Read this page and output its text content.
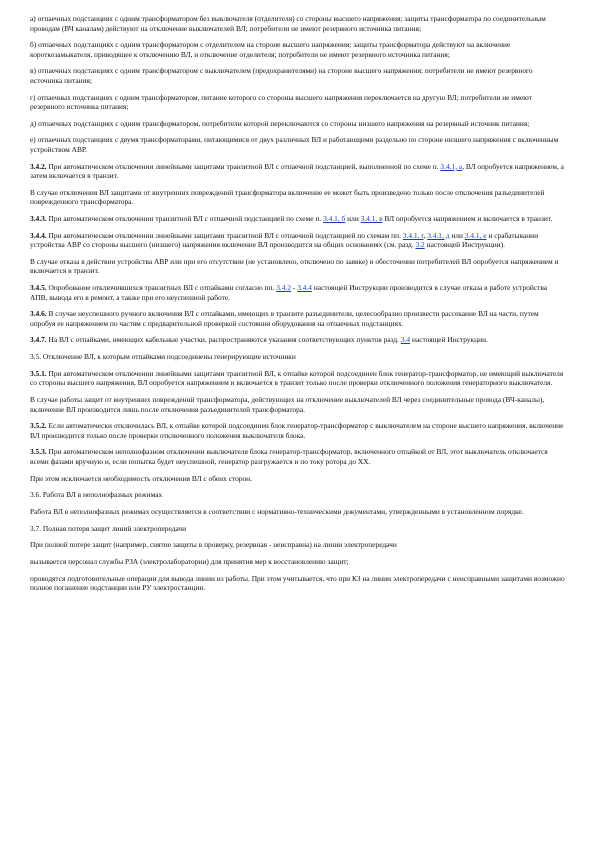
а) отпаечных подстанциях с одним трансформатором без выключателя (отделителя) со стороны высшего напряжения; защиты трансформатора по соединительным проводам (ВЧ каналам) действуют на отключение выключателей ВЛ; потребители не имеют резервного источника питания;

б) отпаечных подстанциях с одним трансформатором с отделителем на стороне высшего напряжения; защиты трансформатора действуют на включение короткозамыкателя, приводящее к отключению ВЛ, и отключение отделителя; потребители не имеют резервного источника питания;

в) отпаечных подстанциях с одним трансформатором с выключателем (предохранителями) на стороне высшего напряжения; потребители не имеют резервного источника питания;

г) отпаечных подстанциях с одним трансформатором, питание которого со стороны высшего напряжения переключается на другую ВЛ; потребители не имеют резервного источника питания;

д) отпаечных подстанциях с одним трансформатором, потребители которой переключаются со стороны низшего напряжения на резервный источник питания;

е) отпаечных подстанциях с двумя трансформаторами, питающимися от двух различных ВЛ и работающими раздельно по стороне низшего напряжения с включенным устройством АВР.

3.4.2. При автоматическом отключении линейными защитами транзитной ВЛ с отпаечной подстанцией, выполненной по схеме п. 3.4.1, а, ВЛ опробуется напряжением, а затем включается в транзит.

В случае отключения ВЛ защитами от внутренних повреждений трансформатора включение ее может быть произведено только после отключения разъединителей поврежденного трансформатора.

3.4.3. При автоматическом отключении транзитной ВЛ с отпаечной подстанцией по схеме п. 3.4.1, б или 3.4.1, в ВЛ опробуется напряжением и включается в транзит.

3.4.4. При автоматическом отключении линейными защитами транзитной ВЛ с отпаечной подстанцией по схемам пп. 3.4.1, г, 3.4.1, д или 3.4.1, е и срабатывании устройства АВР со стороны высшего (низшего) напряжения включение ВЛ производится на общих основаниях (см. разд. 3.2 настоящей Инструкции).

В случае отказа в действии устройства АВР или при его отсутствии (не установлено, отключено по заявке) и обесточении потребителей ВЛ опробуется напряжением и включается в транзит.

3.4.5. Опробование отключившихся транзитных ВЛ с отпайками согласно пп. 3.4.2 - 3.4.4 настоящей Инструкции производится в случае отказа в работе устройства АПВ, вывода его в ремонт, а также при его неуспешной работе.

3.4.6. В случае неуспешного ручного включения ВЛ с отпайками, имеющих в транзите разъединители, целесообразно произвести рассекание ВЛ на части, путем опробуя ее напряжением по частям с предварительной проверкой состояния оборудования на отпаечных подстанциях.

3.4.7. На ВЛ с отпайками, имеющих кабельные участки, распространяются указания соответствующих пунктов разд. 3.4 настоящей Инструкции.

3.5. Отключение ВЛ, к которым отпайками подсоединены генерирующие источники

3.5.1. При автоматическом отключении линейными защитами транзитной ВЛ, к отпайке которой подсоединен блок генератор-трансформатор, не имеющий выключателя со стороны высшего напряжения, ВЛ опробуется напряжением и включается в транзит только после проверки отключенного положения генераторного выключателя.

В случае работы защит от внутренних повреждений трансформатора, действующих на отключение выключателей ВЛ через соединительные провода (ВЧ-каналы), включение ВЛ производится лишь после отключения разъединителей трансформатора.

3.5.2. Если автоматически отключилась ВЛ, к отпайке которой подсоединен блок генератор-трансформатор с выключателем на стороне высшего напряжения, включение ВЛ производится только после проверки отключенного положения выключателя блока.

3.5.3. При автоматическом неполнофазном отключении выключателя блока генератор-трансформатор, включенного отпайкой от ВЛ, этот выключатель отключается всеми фазами вручную и, если попытка будет неуспешной, генератор разгружается и по току ротора до ХХ.

При этом исключается необходимость отключения ВЛ с обеих сторон.

3.6. Работа ВЛ в неполнофазных режимах

Работа ВЛ в неполнофазных режимах осуществляется в соответствии с нормативно-техническими документами, утвержденными в установленном порядке.

3.7. Полная потеря защит линий электропередачи

При полной потере защит (например, снятие защиты в проверку, резервная - неисправна) на линии электропередачи

вызывается персонал службы РЗА (электролаборатории) для принятия мер к восстановлению защит;

проводятся подготовительные операции для вывода линии из работы. При этом учитывается, что при КЗ на линии электропередачи с неисправными защитами возможно полное погашение подстанции или РУ электростанции.
